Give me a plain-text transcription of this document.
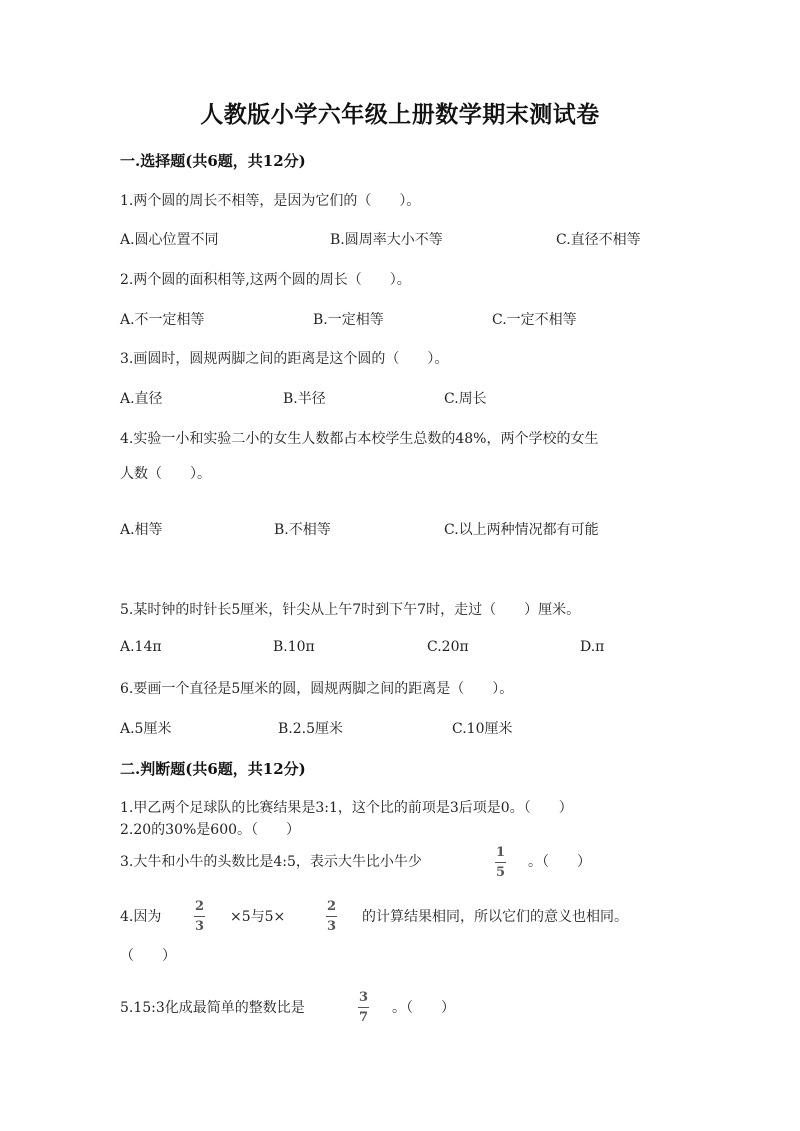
人教版小学六年级上册数学期末测试卷
一.选择题(共6题，共12分)
1.两个圆的周长不相等，是因为它们的（　　）。
A.圆心位置不同	B.圆周率大小不等	C.直径不相等
2.两个圆的面积相等,这两个圆的周长（　　）。
A.不一定相等	B.一定相等	C.一定不相等
3.画圆时，圆规两脚之间的距离是这个圆的（　　）。
A.直径	B.半径	C.周长
4.实验一小和实验二小的女生人数都占本校学生总数的48%，两个学校的女生
人数（　　）。
A.相等	B.不相等	C.以上两种情况都有可能
5.某时钟的时针长5厘米，针尖从上午7时到下午7时，走过（　　）厘米。
A.14π	B.10π	C.20π	D.π
6.要画一个直径是5厘米的圆，圆规两脚之间的距离是（　　）。
A.5厘米	B.2.5厘米	C.10厘米
二.判断题(共6题，共12分)
1.甲乙两个足球队的比赛结果是3:1，这个比的前项是3后项是0。（　　）
2.20的30%是600。（　　）
3.大牛和小牛的头数比是4:5，表示大牛比小牛少
1
5
。（　　）
4.因为
2
3
×5与5×
2
3
的计算结果相同，所以它们的意义也相同。
（　　）
5.15:3化成最简单的整数比是
3
7
。（　　）
